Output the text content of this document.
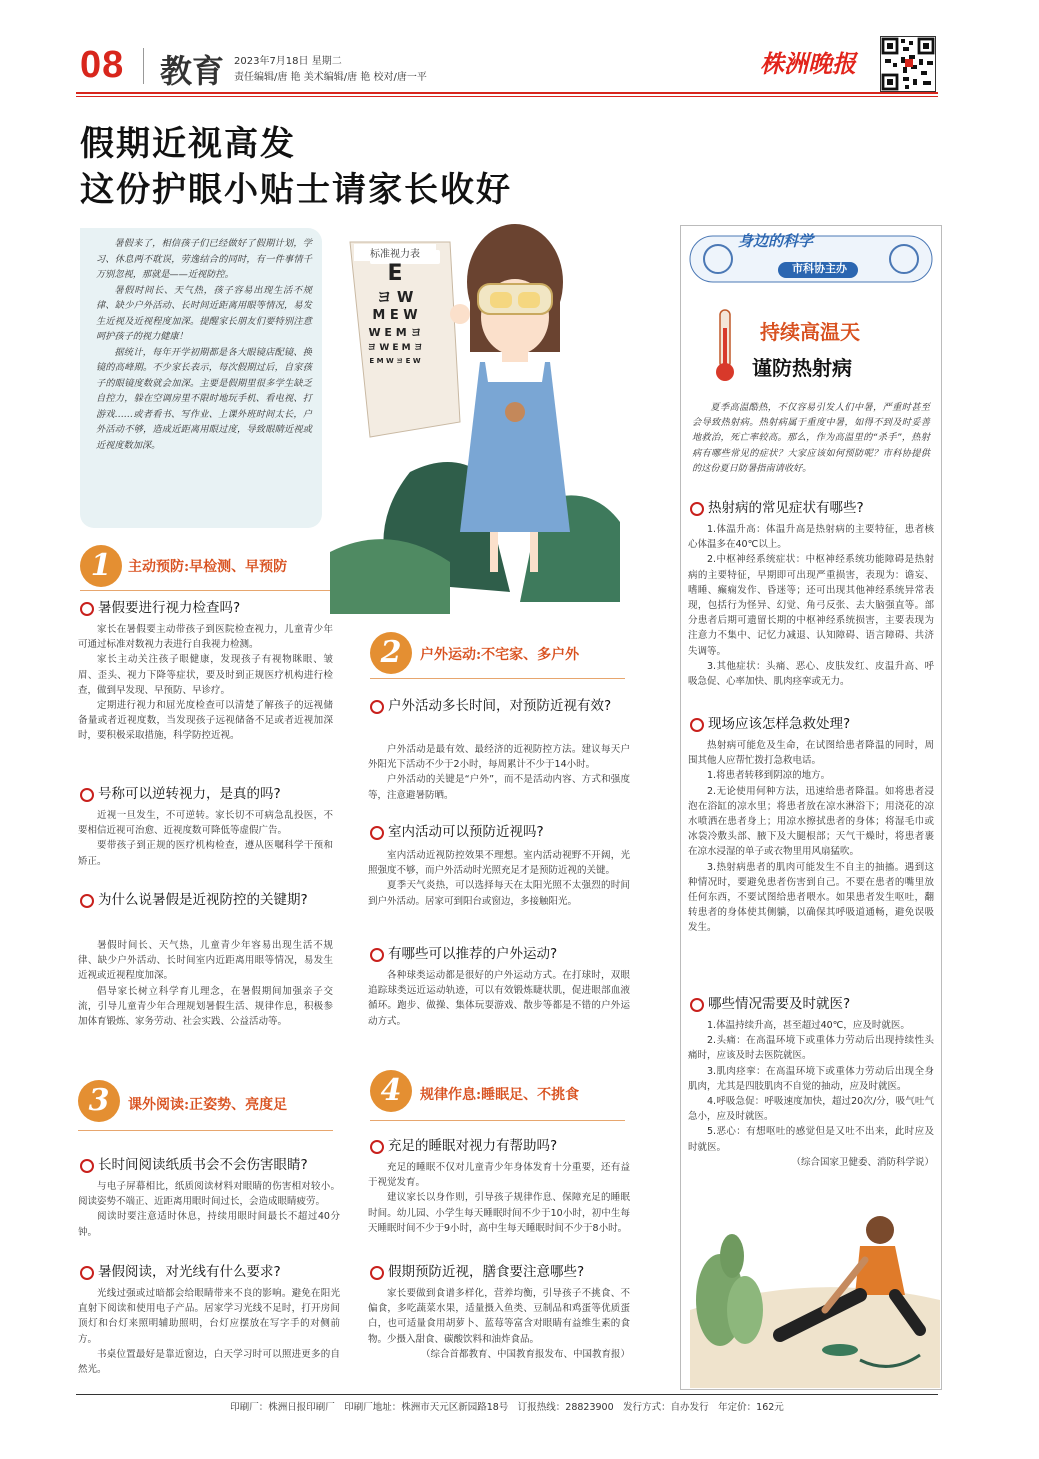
08 教育 2023年7月18日 星期二
责任编辑/唐 艳 美术编辑/唐 艳 校对/唐一平	株洲晚报
假期近视高发
这份护眼小贴士请家长收好

暑假来了，相信孩子们已经做好了假期计划，学习、休息两不耽误，劳逸结合的同时，有一件事情千万别忽视，那就是——近视防控。

暑假时间长、天气热，孩子容易出现生活不规律、缺少户外活动、长时间近距离用眼等情况，易发生近视及近视程度加深。提醒家长朋友们要特别注意呵护孩子的视力健康！

据统计，每年开学初期都是各大眼镜店配镜、换镜的高峰期。不少家长表示，每次假期过后，自家孩子的眼镜度数就会加深。主要是假期里很多学生缺乏自控力，躲在空调房里不限时地玩手机、看电视、打游戏……或者看书、写作业、上课外班时间太长，户外活动不够，造成近距离用眼过度，导致眼睛近视或近视度数加深。

标准视力表
E
ヨ W
M E W
W E M ヨ
ヨ W E M ヨ
E M W ヨ E W
1	主动预防:早检测、早预防
暑假要进行视力检查吗?

家长在暑假要主动带孩子到医院检查视力，儿童青少年可通过标准对数视力表进行自我视力检测。

家长主动关注孩子眼健康，发现孩子有视物眯眼、皱眉、歪头、视力下降等症状，要及时到正规医疗机构进行检查，做到早发现、早预防、早诊疗。

定期进行视力和屈光度检查可以清楚了解孩子的远视储备量或者近视度数，当发现孩子远视储备不足或者近视加深时，要积极采取措施，科学防控近视。

号称可以逆转视力，是真的吗?

近视一旦发生，不可逆转。家长切不可病急乱投医，不要相信近视可治愈、近视度数可降低等虚假广告。

要带孩子到正规的医疗机构检查，遵从医嘱科学干预和矫正。

为什么说暑假是近视防控的关键期?

暑假时间长、天气热，儿童青少年容易出现生活不规律、缺少户外活动、长时间室内近距离用眼等情况，易发生近视或近视程度加深。

倡导家长树立科学育儿理念，在暑假期间加强亲子交流，引导儿童青少年合理规划暑假生活、规律作息，积极参加体育锻炼、家务劳动、社会实践、公益活动等。

2	户外运动:不宅家、多户外
户外活动多长时间，对预防近视有效?

户外活动是最有效、最经济的近视防控方法。建议每天户外阳光下活动不少于2小时，每周累计不少于14小时。

户外活动的关键是“户外”，而不是活动内容、方式和强度等，注意避暑防晒。

室内活动可以预防近视吗?

室内活动近视防控效果不理想。室内活动视野不开阔，光照强度不够，而户外活动时光照充足才是预防近视的关键。

夏季天气炎热，可以选择每天在太阳光照不太强烈的时间到户外活动。居家可到阳台或窗边，多接触阳光。

有哪些可以推荐的户外运动?

各种球类运动都是很好的户外运动方式。在打球时，双眼追踪球类远近运动轨迹，可以有效锻炼睫状肌，促进眼部血液循环。跑步、做操、集体玩耍游戏、散步等都是不错的户外运动方式。

3	课外阅读:正姿势、亮度足
长时间阅读纸质书会不会伤害眼睛?

与电子屏幕相比，纸质阅读材料对眼睛的伤害相对较小。阅读姿势不端正、近距离用眼时间过长，会造成眼睛疲劳。

阅读时要注意适时休息，持续用眼时间最长不超过40分钟。

暑假阅读，对光线有什么要求?

光线过强或过暗都会给眼睛带来不良的影响。避免在阳光直射下阅读和使用电子产品。居家学习光线不足时，打开房间顶灯和台灯来照明辅助照明，台灯应摆放在写字手的对侧前方。

书桌位置最好是靠近窗边，白天学习时可以照进更多的自然光。

4	规律作息:睡眠足、不挑食
充足的睡眠对视力有帮助吗?

充足的睡眠不仅对儿童青少年身体发育十分重要，还有益于视觉发育。

建议家长以身作则，引导孩子规律作息、保障充足的睡眠时间。幼儿园、小学生每天睡眠时间不少于10小时，初中生每天睡眠时间不少于9小时，高中生每天睡眠时间不少于8小时。

假期预防近视，膳食要注意哪些?

家长要做到食谱多样化，营养均衡，引导孩子不挑食、不偏食，多吃蔬菜水果，适量摄入鱼类、豆制品和鸡蛋等优质蛋白，也可适量食用胡萝卜、蓝莓等富含对眼睛有益维生素的食物。少摄入甜食、碳酸饮料和油炸食品。

（综合首都教育、中国教育报发布、中国教育报）

身边的科学
市科协主办
持续高温天
谨防热射病
夏季高温酷热，不仅容易引发人们中暑，严重时甚至会导致热射病。热射病属于重度中暑，如得不到及时妥善地救治，死亡率较高。那么，作为高温里的“杀手”，热射病有哪些常见的症状？大家应该如何预防呢？市科协提供的这份夏日防暑指南请收好。
热射病的常见症状有哪些?

1.体温升高：体温升高是热射病的主要特征，患者核心体温多在40℃以上。

2.中枢神经系统症状：中枢神经系统功能障碍是热射病的主要特征，早期即可出现严重损害，表现为：谵妄、嗜睡、癫痫发作、昏迷等；还可出现其他神经系统异常表现，包括行为怪异、幻觉、角弓反张、去大脑强直等。部分患者后期可遗留长期的中枢神经系统损害，主要表现为注意力不集中、记忆力减退、认知障碍、语言障碍、共济失调等。

3.其他症状：头痛、恶心、皮肤发红、皮温升高、呼吸急促、心率加快、肌肉痉挛或无力。

现场应该怎样急救处理?

热射病可能危及生命，在试图给患者降温的同时，周围其他人应帮忙拨打急救电话。

1.将患者转移到阴凉的地方。

2.无论使用何种方法，迅速给患者降温。如将患者浸泡在浴缸的凉水里；将患者放在凉水淋浴下；用浇花的凉水喷洒在患者身上；用凉水擦拭患者的身体；将湿毛巾或冰袋冷敷头部、腋下及大腿根部；天气干燥时，将患者裹在凉水浸湿的单子或衣物里用风扇猛吹。

3.热射病患者的肌肉可能发生不自主的抽搐。遇到这种情况时，要避免患者伤害到自己。不要在患者的嘴里放任何东西，不要试图给患者喂水。如果患者发生呕吐，翻转患者的身体使其侧躺，以确保其呼吸道通畅，避免误吸发生。

哪些情况需要及时就医?

1.体温持续升高，甚至超过40℃，应及时就医。

2.头痛：在高温环境下或重体力劳动后出现持续性头痛时，应该及时去医院就医。

3.肌肉痉挛：在高温环境下或重体力劳动后出现全身肌肉，尤其是四肢肌肉不自觉的抽动，应及时就医。

4.呼吸急促：呼吸速度加快，超过20次/分，吸气吐气急小，应及时就医。

5.恶心：有想呕吐的感觉但是又吐不出来，此时应及时就医。

（综合国家卫健委、消防科学说）

印刷厂：株洲日报印刷厂　印刷厂地址：株洲市天元区新园路18号　订报热线：28823900　发行方式：自办发行　年定价：162元
